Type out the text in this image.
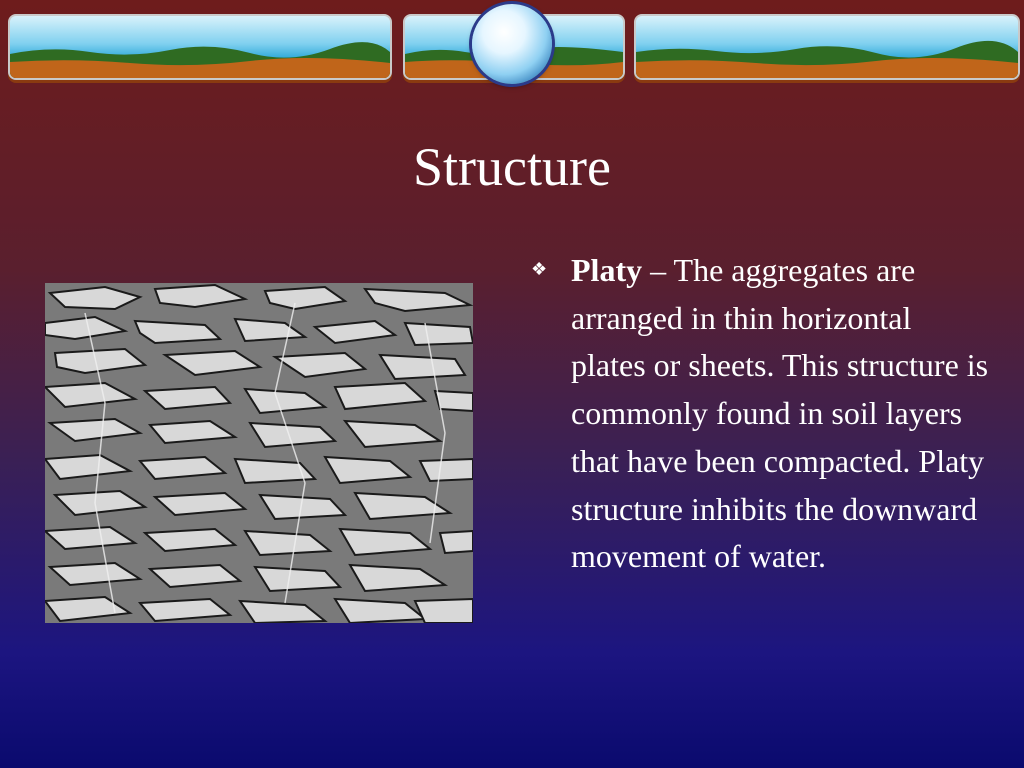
Structure
❖ Platy – The aggregates are arranged in thin horizontal plates or sheets. This structure is commonly found in soil layers that have been compacted. Platy structure inhibits the downward movement of water.
